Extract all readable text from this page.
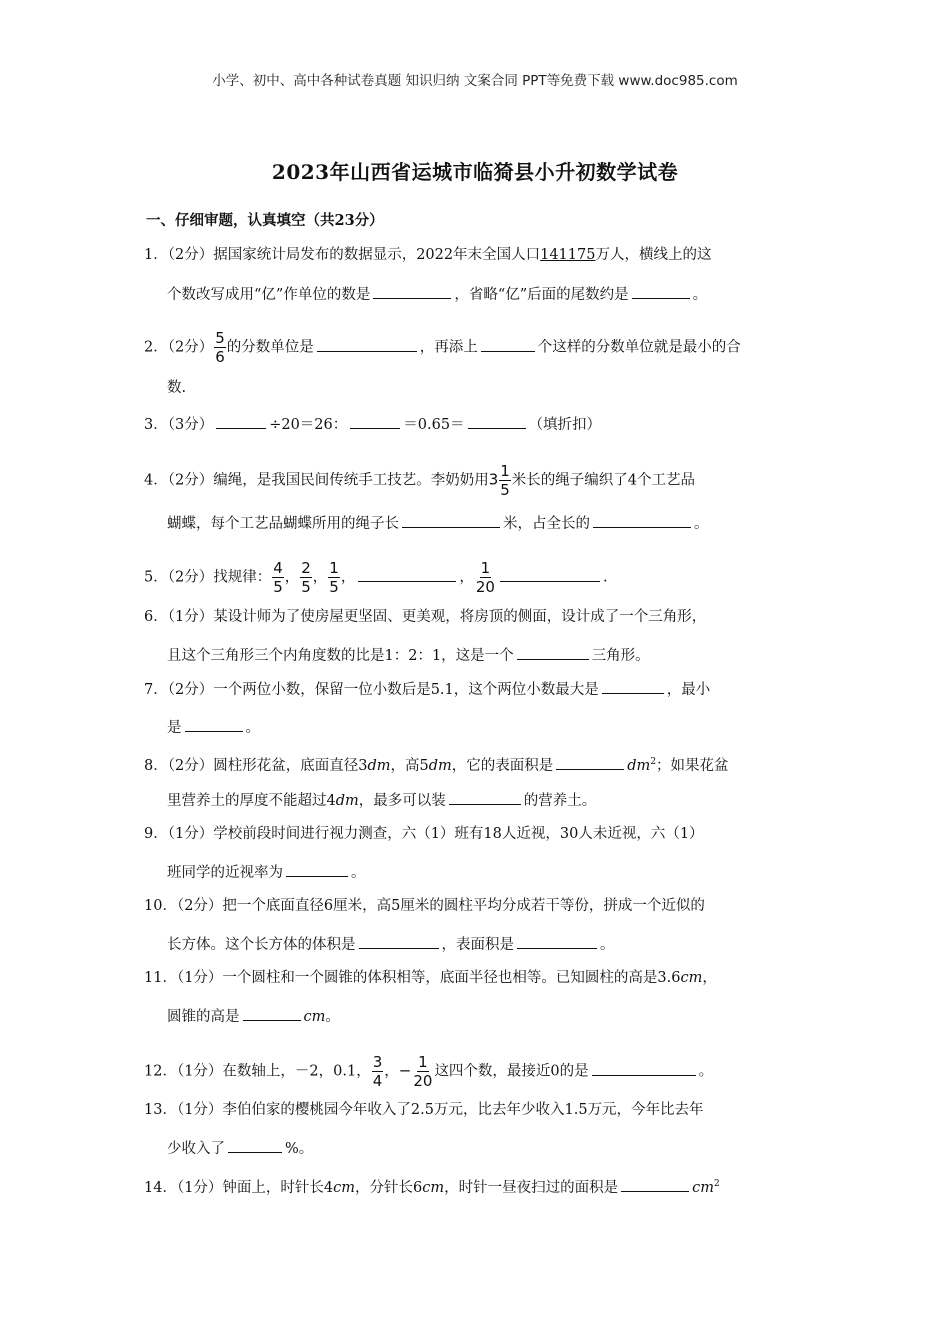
小学、初中、高中各种试卷真题 知识归纳 文案合同 PPT等免费下载 www.doc985.com
2023年山西省运城市临猗县小升初数学试卷
一、仔细审题，认真填空（共23分）
1．（2分）据国家统计局发布的数据显示，2022年末全国人口141175万人，横线上的这
个数改写成用“亿”作单位的数是	，省略“亿”后面的尾数约是	。
2．（2分） $\frac{5}{6}$ 的分数单位是	，再添上	个这样的分数单位就是最小的合
数.
3．（3分）	÷20＝26：	＝0.65＝	（填折扣）
4．（2分）编绳，是我国民间传统手工技艺。李奶奶用$3 \frac{1}{5}$ 米长的绳子编织了4个工艺品
蝴蝶，每个工艺品蝴蝶所用的绳子长	米，占全长的	。
5．（2分）找规律： $\frac{4}{5}$ ， $\frac{2}{5}$ ， $\frac{1}{5}$ ，	， $\frac{1}{20}$	.
6．（1分）某设计师为了使房屋更坚固、更美观，将房顶的侧面，设计成了一个三角形，
且这个三角形三个内角度数的比是1：2：1，这是一个	三角形。
7．（2分）一个两位小数，保留一位小数后是5.1，这个两位小数最大是	，最小
是	。
8．（2分）圆柱形花盆，底面直径3dm，高5dm，它的表面积是	$dm^2$；如果花盆
里营养土的厚度不能超过4dm，最多可以装	的营养土。
9．（1分）学校前段时间进行视力测查，六（1）班有18人近视，30人未近视，六（1）
班同学的近视率为	。
10．（2分）把一个底面直径6厘米，高5厘米的圆柱平均分成若干等份，拼成一个近似的
长方体。这个长方体的体积是	，表面积是	。
11．（1分）一个圆柱和一个圆锥的体积相等，底面半径也相等。已知圆柱的高是3.6cm，
圆锥的高是	cm。
12．（1分）在数轴上，－2，0.1， $\frac{3}{4}$ ，− $\frac{1}{20}$ 这四个数，最接近0的是	。
13．（1分）李伯伯家的樱桃园今年收入了2.5万元，比去年少收入1.5万元，今年比去年
少收入了	%。
14．（1分）钟面上，时针长4cm，分针长6cm，时针一昼夜扫过的面积是	$cm^2$
